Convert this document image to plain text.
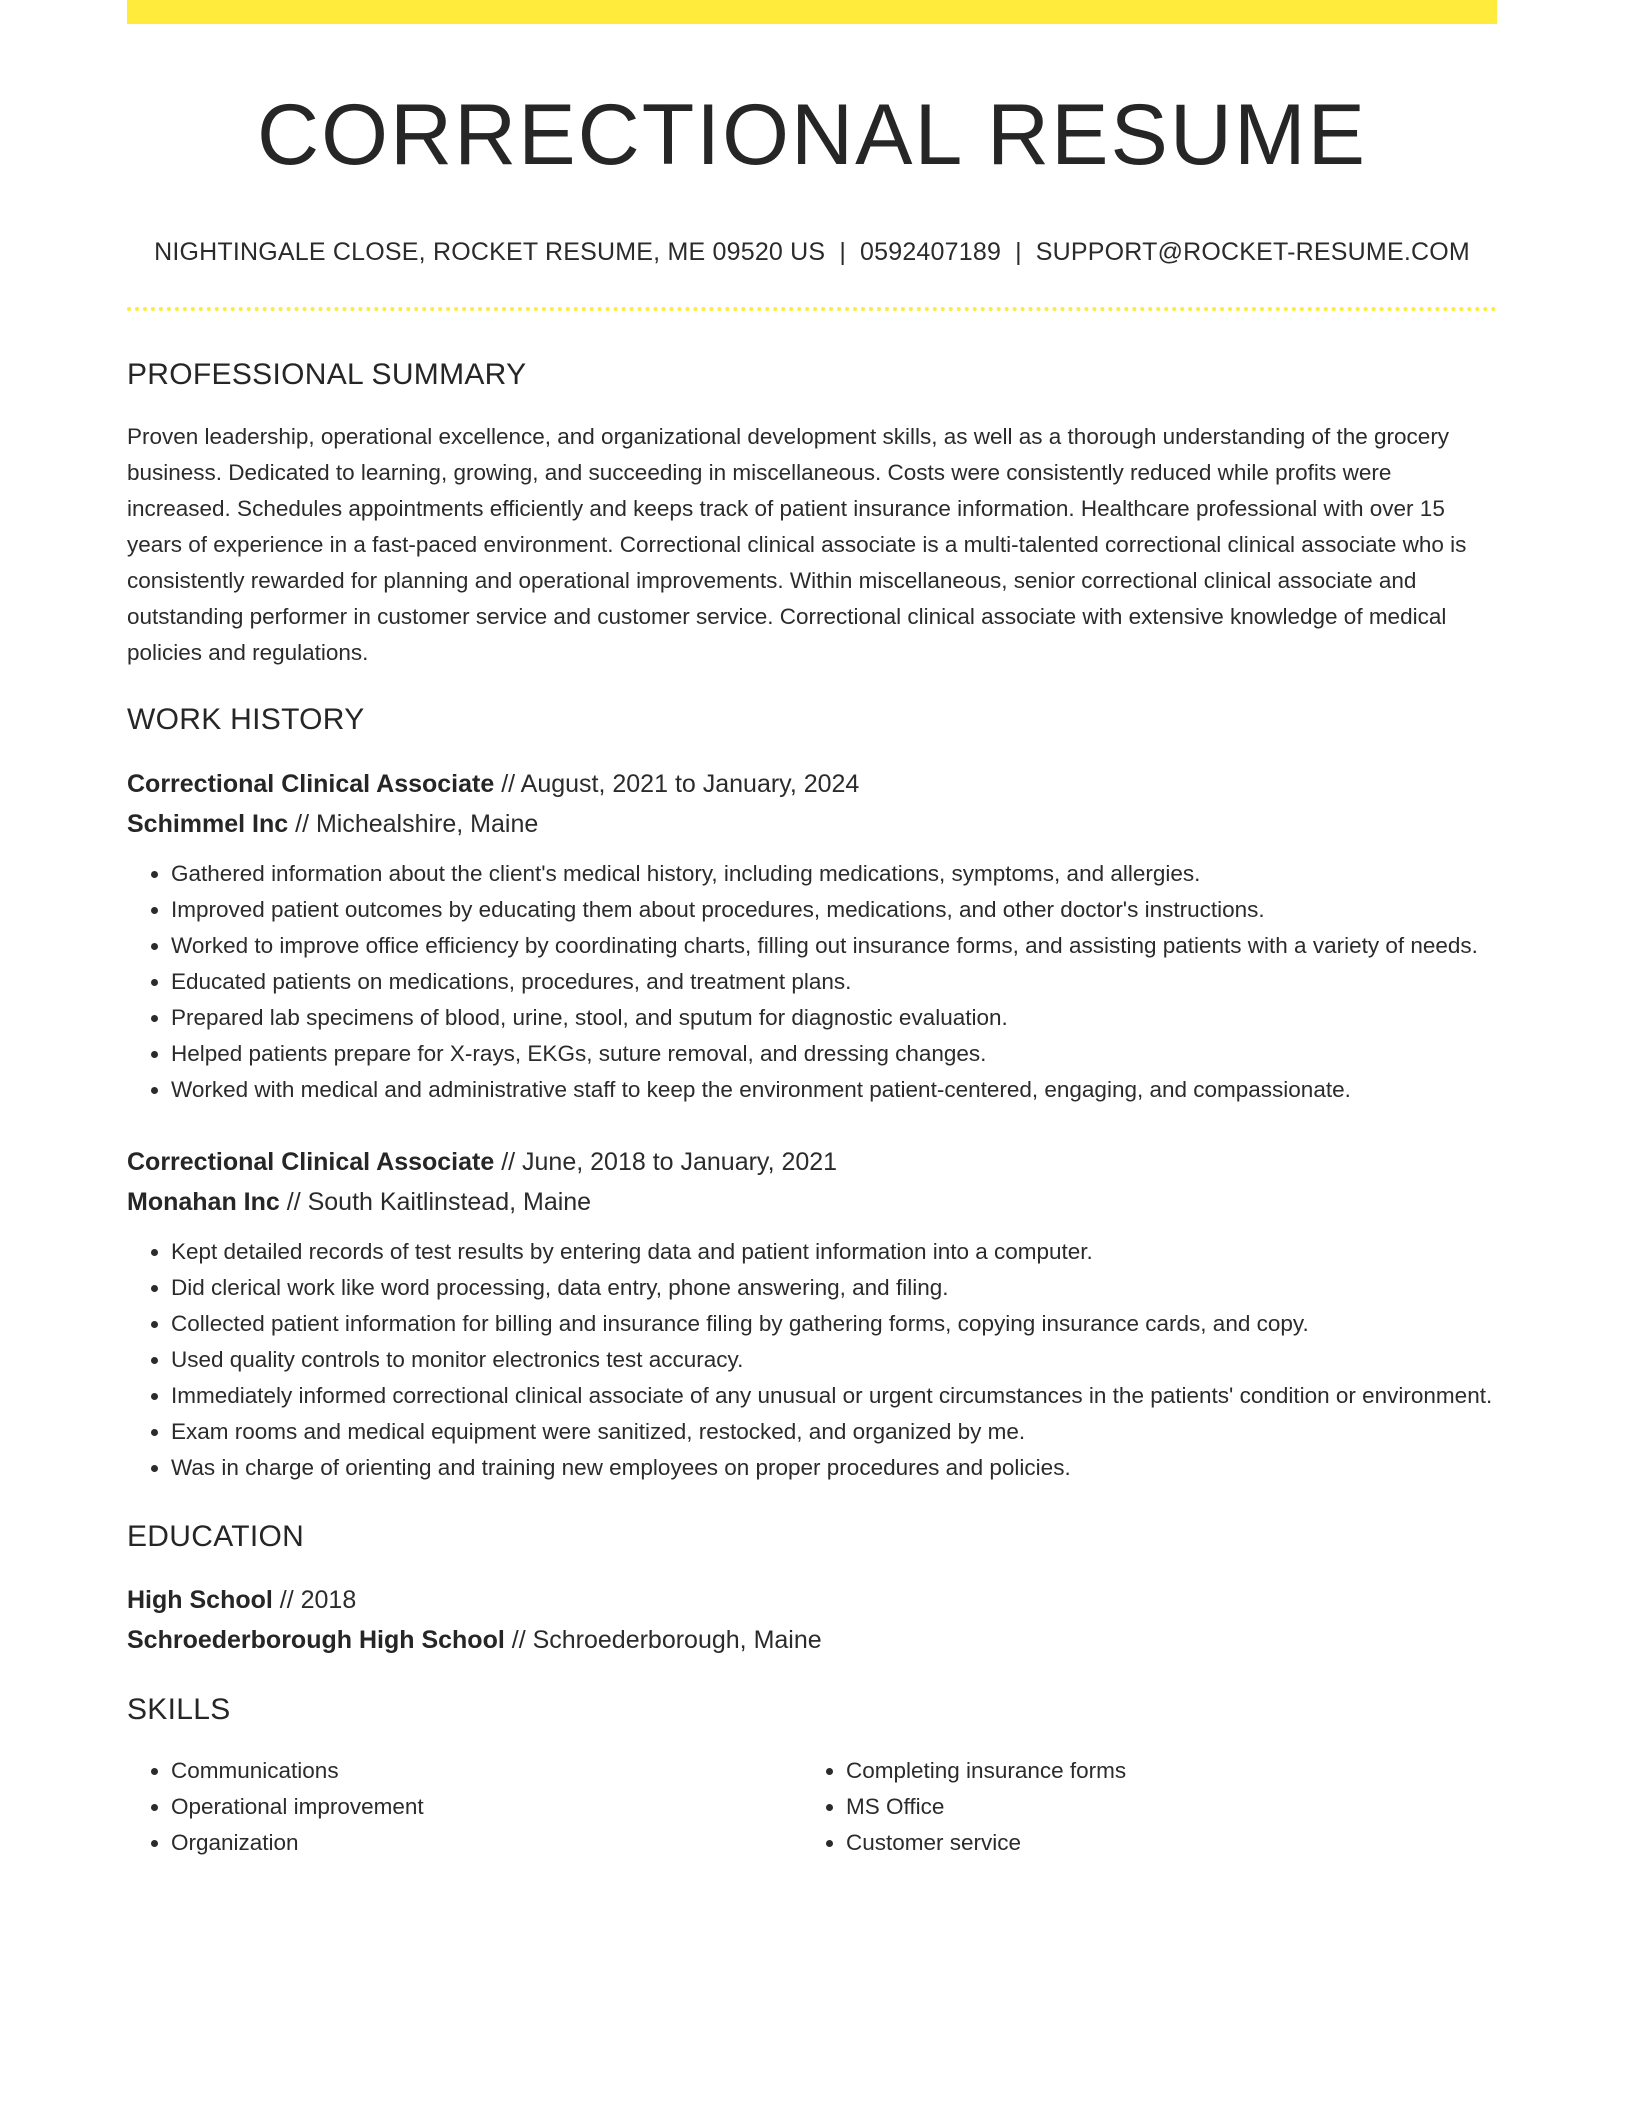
CORRECTIONAL RESUME
NIGHTINGALE CLOSE, ROCKET RESUME, ME 09520 US | 0592407189 | SUPPORT@ROCKET-RESUME.COM
PROFESSIONAL SUMMARY

Proven leadership, operational excellence, and organizational development skills, as well as a thorough understanding of the grocery business. Dedicated to learning, growing, and succeeding in miscellaneous. Costs were consistently reduced while profits were increased. Schedules appointments efficiently and keeps track of patient insurance information. Healthcare professional with over 15 years of experience in a fast-paced environment. Correctional clinical associate is a multi-talented correctional clinical associate who is consistently rewarded for planning and operational improvements. Within miscellaneous, senior correctional clinical associate and outstanding performer in customer service and customer service. Correctional clinical associate with extensive knowledge of medical policies and regulations.

WORK HISTORY
Correctional Clinical Associate // August, 2021 to January, 2024
Schimmel Inc // Michealshire, Maine
• Gathered information about the client's medical history, including medications, symptoms, and allergies.
• Improved patient outcomes by educating them about procedures, medications, and other doctor's instructions.
• Worked to improve office efficiency by coordinating charts, filling out insurance forms, and assisting patients with a variety of needs.
• Educated patients on medications, procedures, and treatment plans.
• Prepared lab specimens of blood, urine, stool, and sputum for diagnostic evaluation.
• Helped patients prepare for X-rays, EKGs, suture removal, and dressing changes.
• Worked with medical and administrative staff to keep the environment patient-centered, engaging, and compassionate.
Correctional Clinical Associate // June, 2018 to January, 2021
Monahan Inc // South Kaitlinstead, Maine
• Kept detailed records of test results by entering data and patient information into a computer.
• Did clerical work like word processing, data entry, phone answering, and filing.
• Collected patient information for billing and insurance filing by gathering forms, copying insurance cards, and copy.
• Used quality controls to monitor electronics test accuracy.
• Immediately informed correctional clinical associate of any unusual or urgent circumstances in the patients' condition or environment.
• Exam rooms and medical equipment were sanitized, restocked, and organized by me.
• Was in charge of orienting and training new employees on proper procedures and policies.
EDUCATION
High School // 2018
Schroederborough High School // Schroederborough, Maine
SKILLS
• Communications
• Operational improvement
• Organization
• Completing insurance forms
• MS Office
• Customer service
